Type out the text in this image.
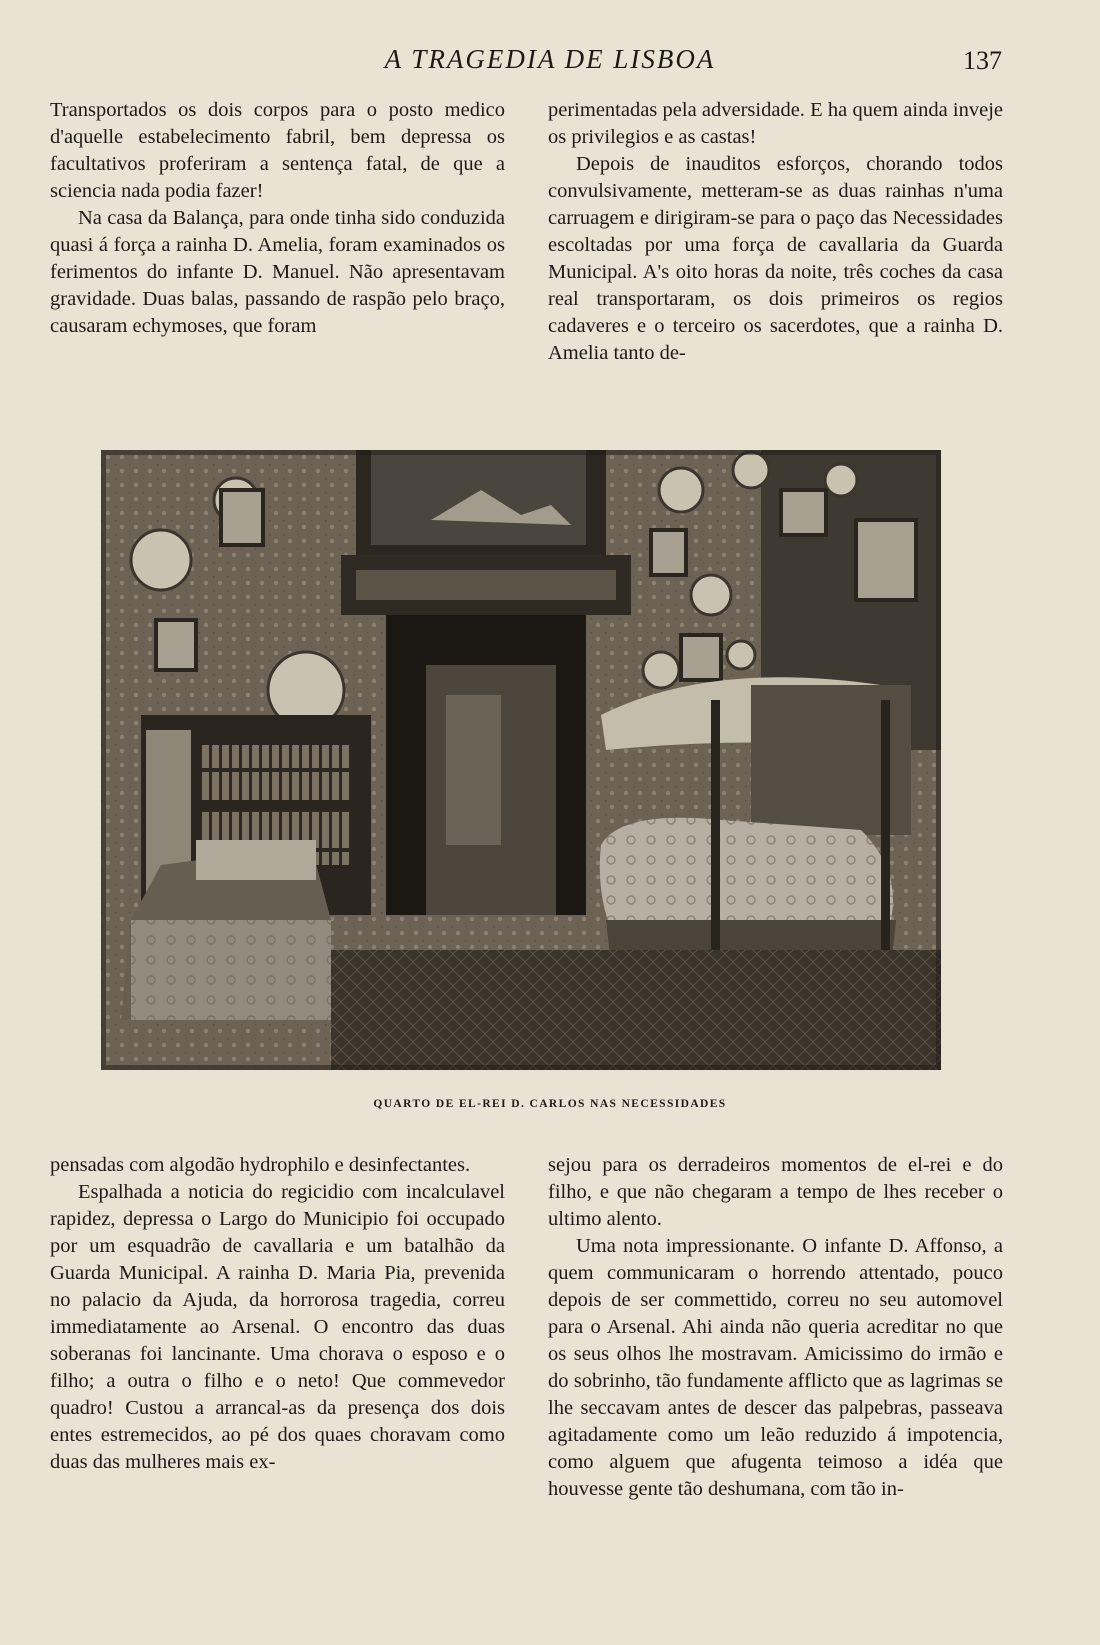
A TRAGEDIA DE LISBOA	137

Transportados os dois corpos para o posto medico d'aquelle estabelecimento fabril, bem depressa os facultativos proferiram a sentença fatal, de que a sciencia nada podia fazer!

Na casa da Balança, para onde tinha sido conduzida quasi á força a rainha D. Amelia, foram examinados os ferimentos do infante D. Manuel. Não apresentavam gravidade. Duas balas, passando de raspão pelo braço, causaram echymoses, que foram

perimentadas pela adversidade. E ha quem ainda inveje os privilegios e as castas!

Depois de inauditos esforços, chorando todos convulsivamente, metteram-se as duas rainhas n'uma carruagem e dirigiram-se para o paço das Necessidades escoltadas por uma força de cavallaria da Guarda Municipal. A's oito horas da noite, três coches da casa real transportaram, os dois primeiros os regios cadaveres e o terceiro os sacerdotes, que a rainha D. Amelia tanto de-

QUARTO DE EL-REI D. CARLOS NAS NECESSIDADES

pensadas com algodão hydrophilo e desinfectantes.

Espalhada a noticia do regicidio com incalculavel rapidez, depressa o Largo do Municipio foi occupado por um esquadrão de cavallaria e um batalhão da Guarda Municipal. A rainha D. Maria Pia, prevenida no palacio da Ajuda, da horrorosa tragedia, correu immediatamente ao Arsenal. O encontro das duas soberanas foi lancinante. Uma chorava o esposo e o filho; a outra o filho e o neto! Que commevedor quadro! Custou a arrancal-as da presença dos dois entes estremecidos, ao pé dos quaes choravam como duas das mulheres mais ex-

sejou para os derradeiros momentos de el-rei e do filho, e que não chegaram a tempo de lhes receber o ultimo alento.

Uma nota impressionante. O infante D. Affonso, a quem communicaram o horrendo attentado, pouco depois de ser commettido, correu no seu automovel para o Arsenal. Ahi ainda não queria acreditar no que os seus olhos lhe mostravam. Amicissimo do irmão e do sobrinho, tão fundamente afflicto que as lagrimas se lhe seccavam antes de descer das palpebras, passeava agitadamente como um leão reduzido á impotencia, como alguem que afugenta teimoso a idéa que houvesse gente tão deshumana, com tão in-
